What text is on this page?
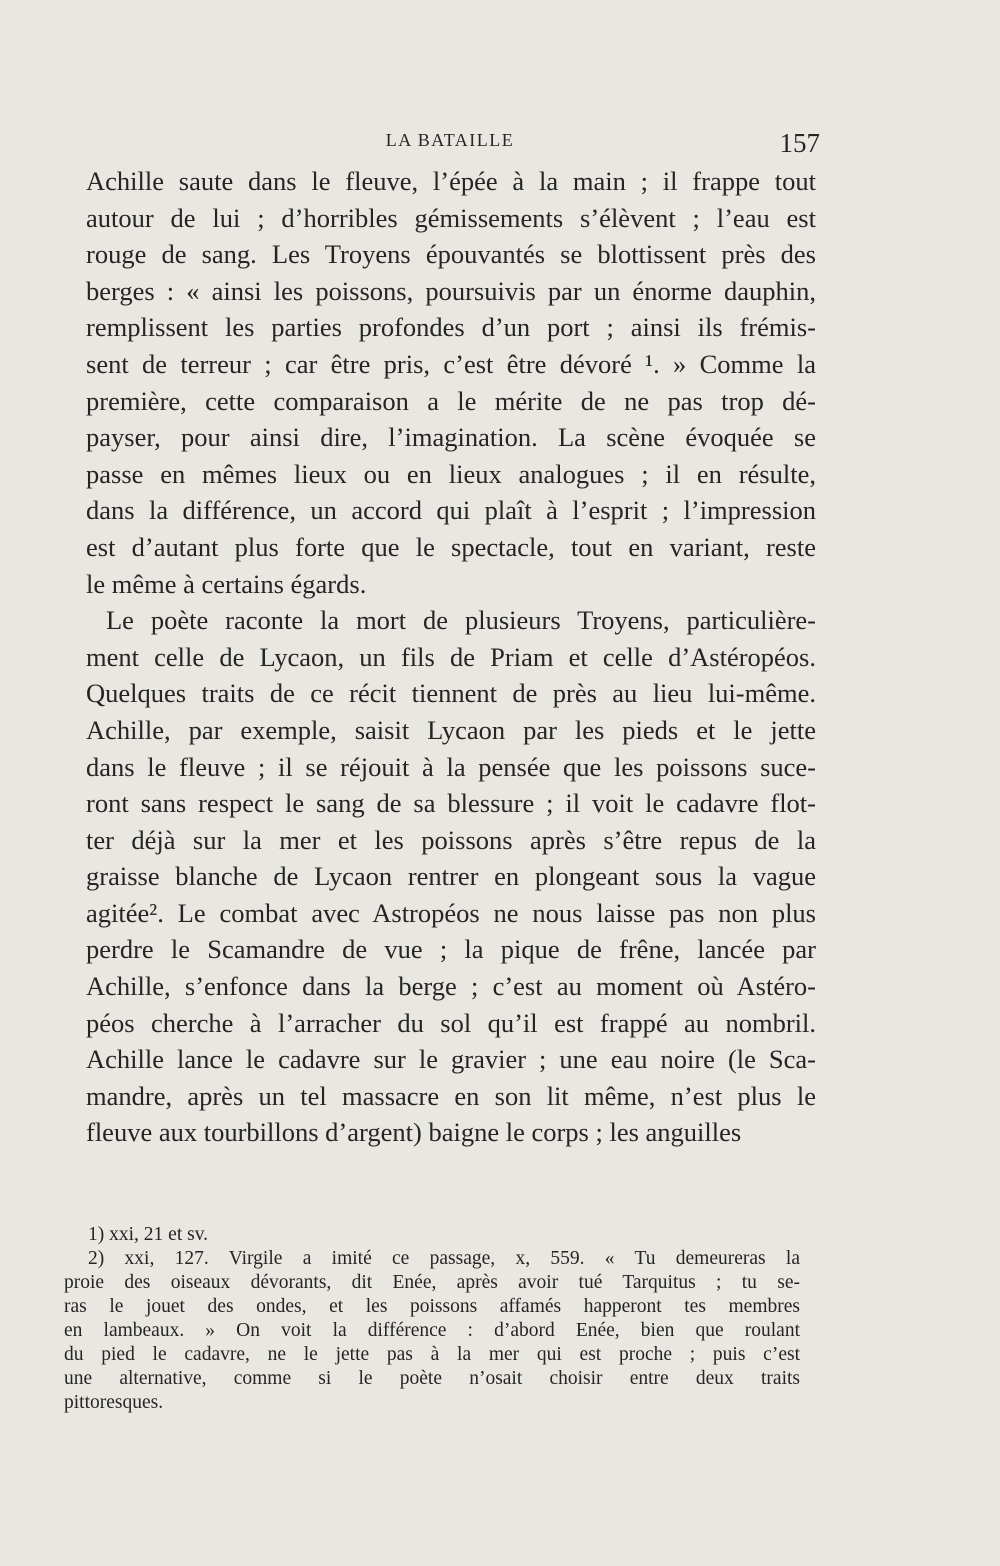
LA BATAILLE	157
Achille saute dans le fleuve, l’épée à la main ; il frappe tout
autour de lui ; d’horribles gémissements s’élèvent ; l’eau est
rouge de sang. Les Troyens épouvantés se blottissent près des
berges : « ainsi les poissons, poursuivis par un énorme dauphin,
remplissent les parties profondes d’un port ; ainsi ils frémis-
sent de terreur ; car être pris, c’est être dévoré ¹. » Comme la
première, cette comparaison a le mérite de ne pas trop dé-
payser, pour ainsi dire, l’imagination. La scène évoquée se
passe en mêmes lieux ou en lieux analogues ; il en résulte,
dans la différence, un accord qui plaît à l’esprit ; l’impression
est d’autant plus forte que le spectacle, tout en variant, reste
le même à certains égards.
Le poète raconte la mort de plusieurs Troyens, particulière-
ment celle de Lycaon, un fils de Priam et celle d’Astéropéos.
Quelques traits de ce récit tiennent de près au lieu lui-même.
Achille, par exemple, saisit Lycaon par les pieds et le jette
dans le fleuve ; il se réjouit à la pensée que les poissons suce-
ront sans respect le sang de sa blessure ; il voit le cadavre flot-
ter déjà sur la mer et les poissons après s’être repus de la
graisse blanche de Lycaon rentrer en plongeant sous la vague
agitée². Le combat avec Astropéos ne nous laisse pas non plus
perdre le Scamandre de vue ; la pique de frêne, lancée par
Achille, s’enfonce dans la berge ; c’est au moment où Astéro-
péos cherche à l’arracher du sol qu’il est frappé au nombril.
Achille lance le cadavre sur le gravier ; une eau noire (le Sca-
mandre, après un tel massacre en son lit même, n’est plus le
fleuve aux tourbillons d’argent) baigne le corps ; les anguilles
1) xxi, 21 et sv.
2) xxi, 127. Virgile a imité ce passage, x, 559. « Tu demeureras la
proie des oiseaux dévorants, dit Enée, après avoir tué Tarquitus ; tu se-
ras le jouet des ondes, et les poissons affamés happeront tes membres
en lambeaux. » On voit la différence : d’abord Enée, bien que roulant
du pied le cadavre, ne le jette pas à la mer qui est proche ; puis c’est
une alternative, comme si le poète n’osait choisir entre deux traits
pittoresques.
